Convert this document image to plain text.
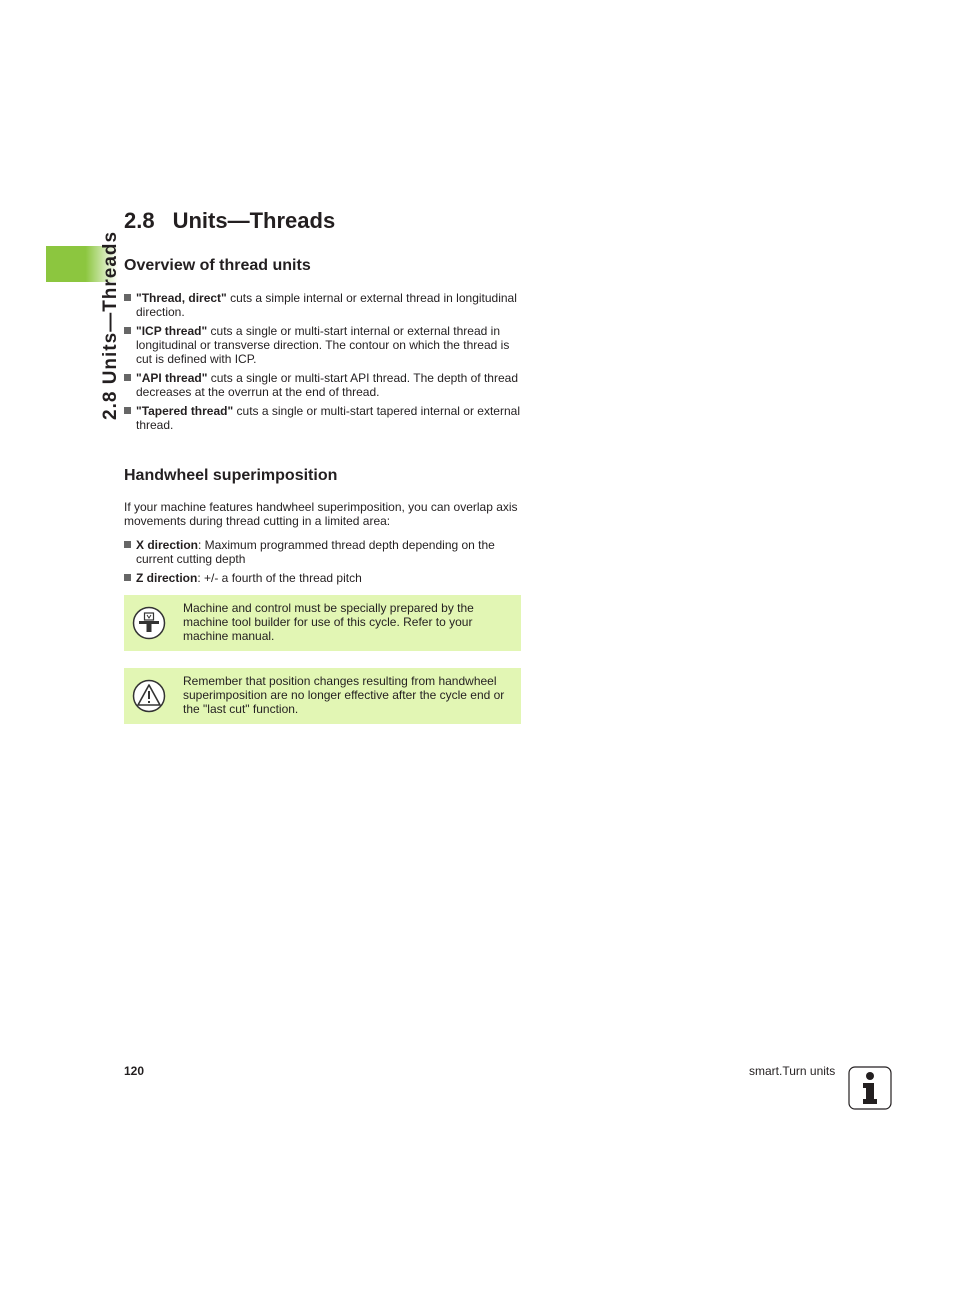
2.8 Units—Threads
2.8 Units—Threads
Overview of thread units
"Thread, direct" cuts a simple internal or external thread in longitudinal direction.
"ICP thread" cuts a single or multi-start internal or external thread in longitudinal or transverse direction. The contour on which the thread is cut is defined with ICP.
"API thread" cuts a single or multi-start API thread. The depth of thread decreases at the overrun at the end of thread.
"Tapered thread" cuts a single or multi-start tapered internal or external thread.
Handwheel superimposition

If your machine features handwheel superimposition, you can overlap axis movements during thread cutting in a limited area:

X direction: Maximum programmed thread depth depending on the current cutting depth
Z direction: +/- a fourth of the thread pitch

Machine and control must be specially prepared by the machine tool builder for use of this cycle. Refer to your machine manual.

Remember that position changes resulting from handwheel superimposition are no longer effective after the cycle end or the "last cut" function.

120	smart.Turn units
